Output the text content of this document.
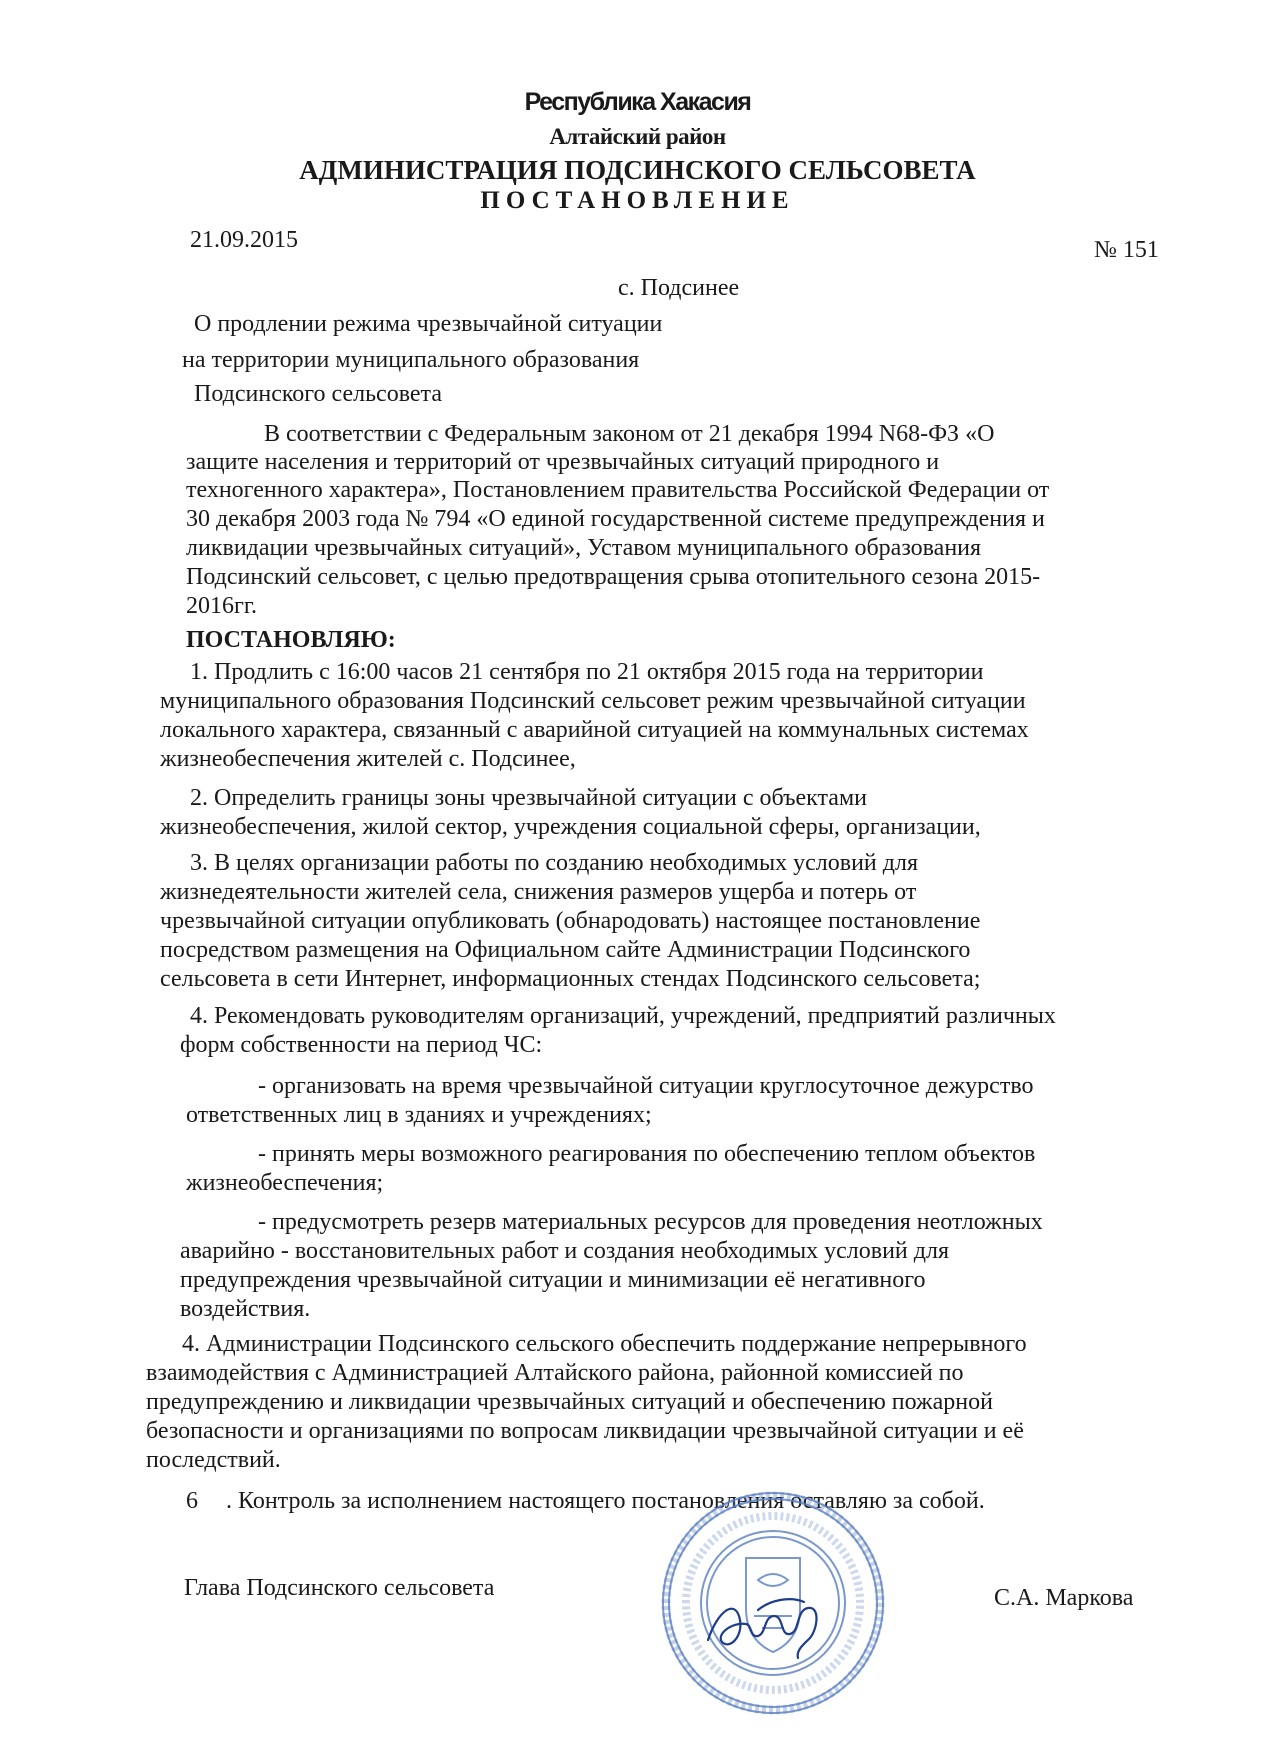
Республика Хакасия
Алтайский район
АДМИНИСТРАЦИЯ ПОДСИНСКОГО СЕЛЬСОВЕТА
ПОСТАНОВЛЕНИЕ
21.09.2015	№ 151
с. Подсинее
О продлении режима чрезвычайной ситуации
на территории муниципального образования
Подсинского сельсовета
В соответствии с Федеральным законом от 21 декабря 1994 N68-ФЗ «О
защите населения и территорий от чрезвычайных ситуаций природного и
техногенного характера», Постановлением правительства Российской Федерации от
30 декабря 2003 года № 794 «О единой государственной системе предупреждения и
ликвидации чрезвычайных ситуаций», Уставом муниципального образования
Подсинский сельсовет, с целью предотвращения срыва отопительного сезона 2015-
2016гг.
ПОСТАНОВЛЯЮ:
1. Продлить с 16:00 часов 21 сентября по 21 октября 2015 года на территории
муниципального образования Подсинский сельсовет режим чрезвычайной ситуации
локального характера, связанный с аварийной ситуацией на коммунальных системах
жизнеобеспечения жителей с. Подсинее,
2. Определить границы зоны чрезвычайной ситуации с объектами
жизнеобеспечения, жилой сектор, учреждения социальной сферы, организации,
3. В целях организации работы по созданию необходимых условий для
жизнедеятельности жителей села, снижения размеров ущерба и потерь от
чрезвычайной ситуации опубликовать (обнародовать) настоящее постановление
посредством размещения на Официальном сайте Администрации Подсинского
сельсовета в сети Интернет, информационных стендах Подсинского сельсовета;
4. Рекомендовать руководителям организаций, учреждений, предприятий различных
форм собственности на период ЧС:
- организовать на время чрезвычайной ситуации круглосуточное дежурство
ответственных лиц в зданиях и учреждениях;
- принять меры возможного реагирования по обеспечению теплом объектов
жизнеобеспечения;
- предусмотреть резерв материальных ресурсов для проведения неотложных
аварийно - восстановительных работ и создания необходимых условий для
предупреждения чрезвычайной ситуации и минимизации её негативного
воздействия.
4. Администрации Подсинского сельского обеспечить поддержание непрерывного
взаимодействия с Администрацией Алтайского района, районной комиссией по
предупреждению и ликвидации чрезвычайных ситуаций и обеспечению пожарной
безопасности и организациями по вопросам ликвидации чрезвычайной ситуации и её
последствий.
6 . Контроль за исполнением настоящего постановления оставляю за собой.
Глава Подсинского сельсовета	С.А. Маркова
